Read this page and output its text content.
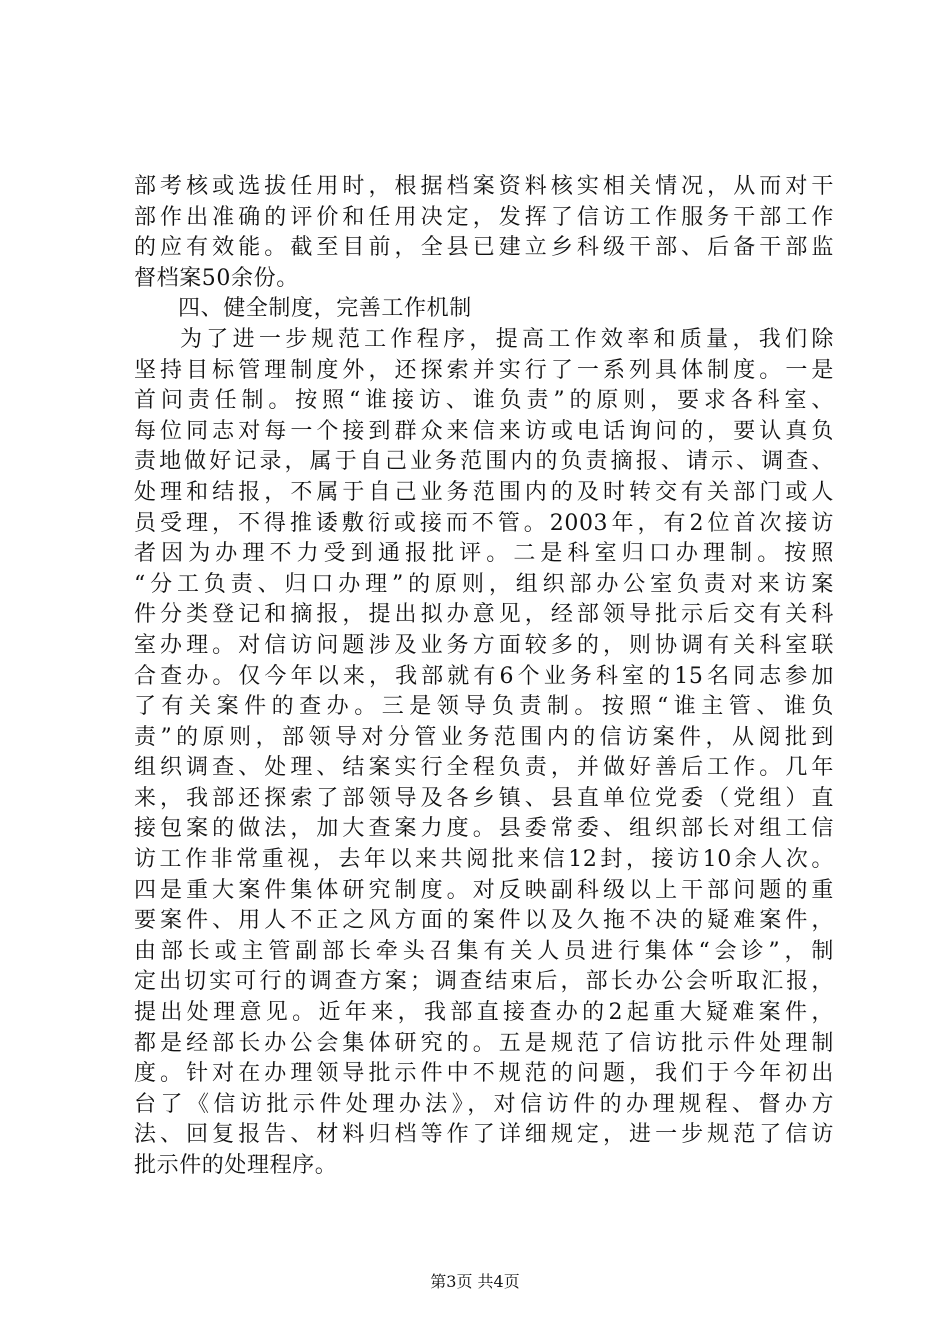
部考核或选拔任用时，根据档案资料核实相关情况，从而对干
部作出准确的评价和任用决定，发挥了信访工作服务干部工作
的应有效能。截至目前，全县已建立乡科级干部、后备干部监
督档案50余份。
四、健全制度，完善工作机制
为了进一步规范工作程序，提高工作效率和质量，我们除
坚持目标管理制度外，还探索并实行了一系列具体制度。一是
首问责任制。按照“谁接访、谁负责”的原则，要求各科室、
每位同志对每一个接到群众来信来访或电话询问的，要认真负
责地做好记录，属于自己业务范围内的负责摘报、请示、调查、
处理和结报，不属于自己业务范围内的及时转交有关部门或人
员受理，不得推诿敷衍或接而不管。2003年，有2位首次接访
者因为办理不力受到通报批评。二是科室归口办理制。按照
“分工负责、归口办理”的原则，组织部办公室负责对来访案
件分类登记和摘报，提出拟办意见，经部领导批示后交有关科
室办理。对信访问题涉及业务方面较多的，则协调有关科室联
合查办。仅今年以来，我部就有6个业务科室的15名同志参加
了有关案件的查办。三是领导负责制。按照“谁主管、谁负
责”的原则，部领导对分管业务范围内的信访案件，从阅批到
组织调查、处理、结案实行全程负责，并做好善后工作。几年
来，我部还探索了部领导及各乡镇、县直单位党委（党组）直
接包案的做法，加大查案力度。县委常委、组织部长对组工信
访工作非常重视，去年以来共阅批来信12封，接访10余人次。
四是重大案件集体研究制度。对反映副科级以上干部问题的重
要案件、用人不正之风方面的案件以及久拖不决的疑难案件，
由部长或主管副部长牵头召集有关人员进行集体“会诊”，制
定出切实可行的调查方案；调查结束后，部长办公会听取汇报，
提出处理意见。近年来，我部直接查办的2起重大疑难案件，
都是经部长办公会集体研究的。五是规范了信访批示件处理制
度。针对在办理领导批示件中不规范的问题，我们于今年初出
台了《信访批示件处理办法》，对信访件的办理规程、督办方
法、回复报告、材料归档等作了详细规定，进一步规范了信访
批示件的处理程序。
第3页 共4页
